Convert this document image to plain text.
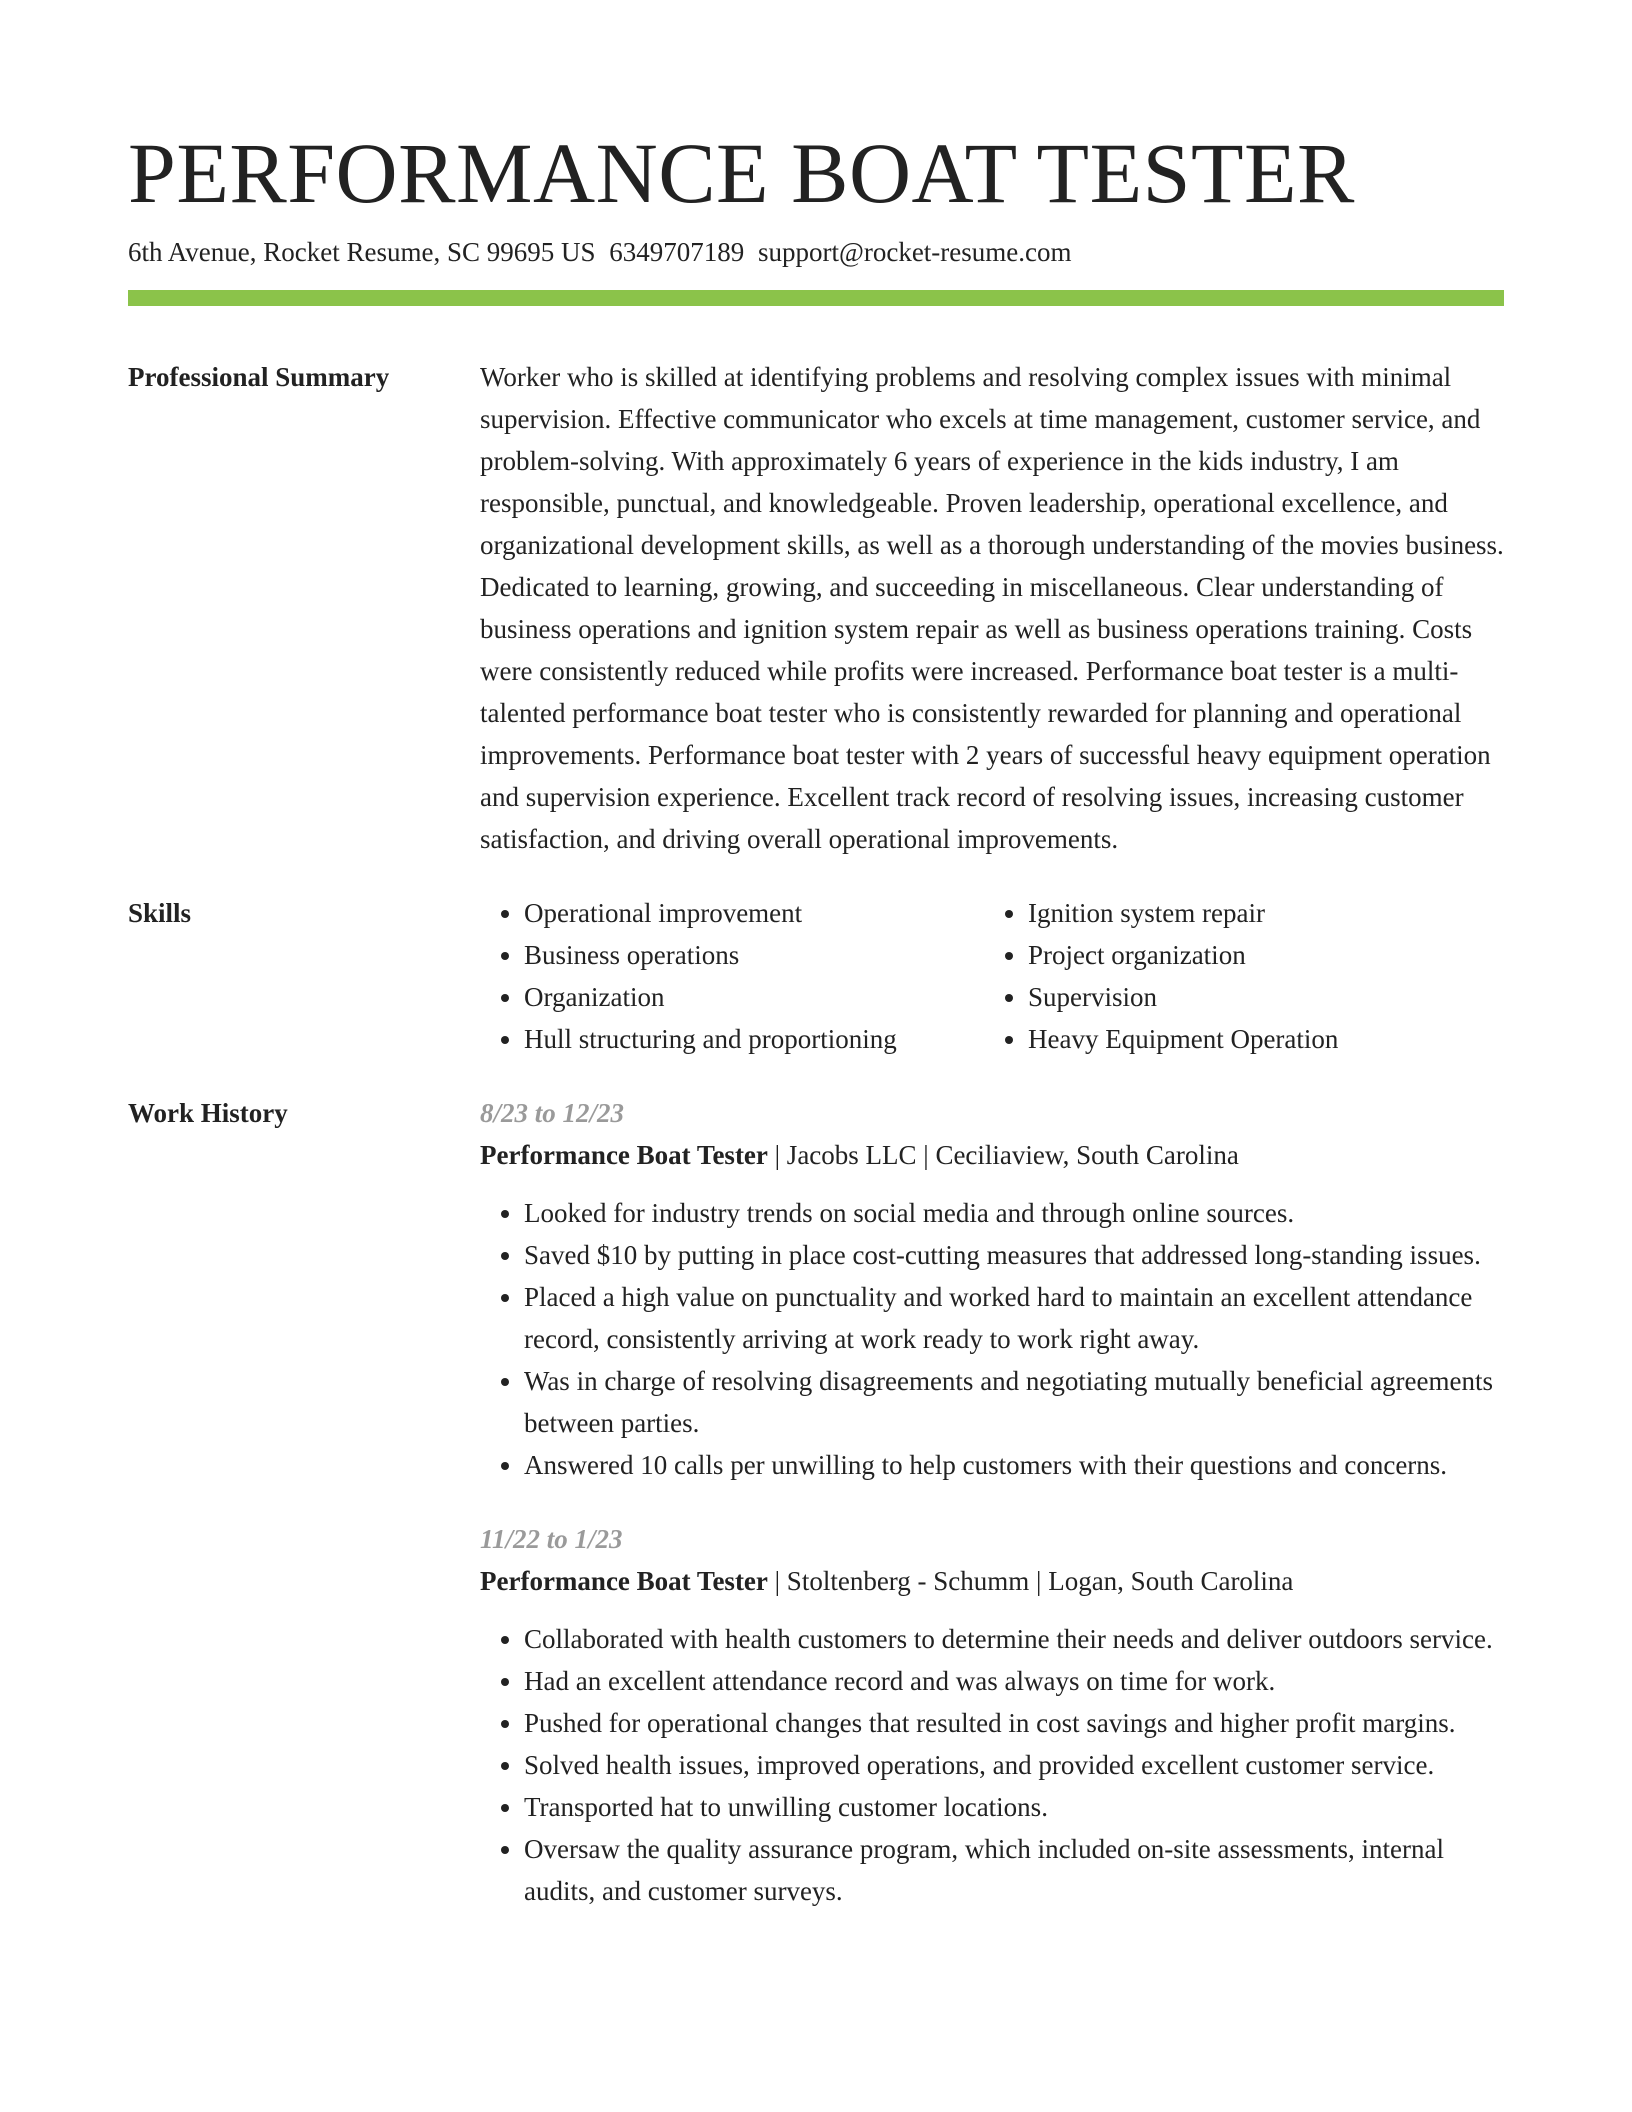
PERFORMANCE BOAT TESTER
6th Avenue, Rocket Resume, SC 99695 US 6349707189 support@rocket-resume.com
Professional Summary	Worker who is skilled at identifying problems and resolving complex issues with minimal supervision. Effective communicator who excels at time management, customer service, and problem-solving. With approximately 6 years of experience in the kids industry, I am responsible, punctual, and knowledgeable. Proven leadership, operational excellence, and organizational development skills, as well as a thorough understanding of the movies business. Dedicated to learning, growing, and succeeding in miscellaneous. Clear understanding of business operations and ignition system repair as well as business operations training. Costs were consistently reduced while profits were increased. Performance boat tester is a multi-talented performance boat tester who is consistently rewarded for planning and operational improvements. Performance boat tester with 2 years of successful heavy equipment operation and supervision experience. Excellent track record of resolving issues, increasing customer satisfaction, and driving overall operational improvements.

Skills
•	Operational improvement
• Business operations
• Organization
• Hull structuring and proportioning
• Ignition system repair
• Project organization
• Supervision
• Heavy Equipment Operation
Work History	8/23 to 12/23
Performance Boat Tester | Jacobs LLC | Ceciliaview, South Carolina
• Looked for industry trends on social media and through online sources.
• Saved $10 by putting in place cost-cutting measures that addressed long-standing issues.
• Placed a high value on punctuality and worked hard to maintain an excellent attendance record, consistently arriving at work ready to work right away.
• Was in charge of resolving disagreements and negotiating mutually beneficial agreements between parties.
• Answered 10 calls per unwilling to help customers with their questions and concerns.
11/22 to 1/23
Performance Boat Tester | Stoltenberg - Schumm | Logan, South Carolina
• Collaborated with health customers to determine their needs and deliver outdoors service.
• Had an excellent attendance record and was always on time for work.
• Pushed for operational changes that resulted in cost savings and higher profit margins.
• Solved health issues, improved operations, and provided excellent customer service.
• Transported hat to unwilling customer locations.
• Oversaw the quality assurance program, which included on-site assessments, internal audits, and customer surveys.
